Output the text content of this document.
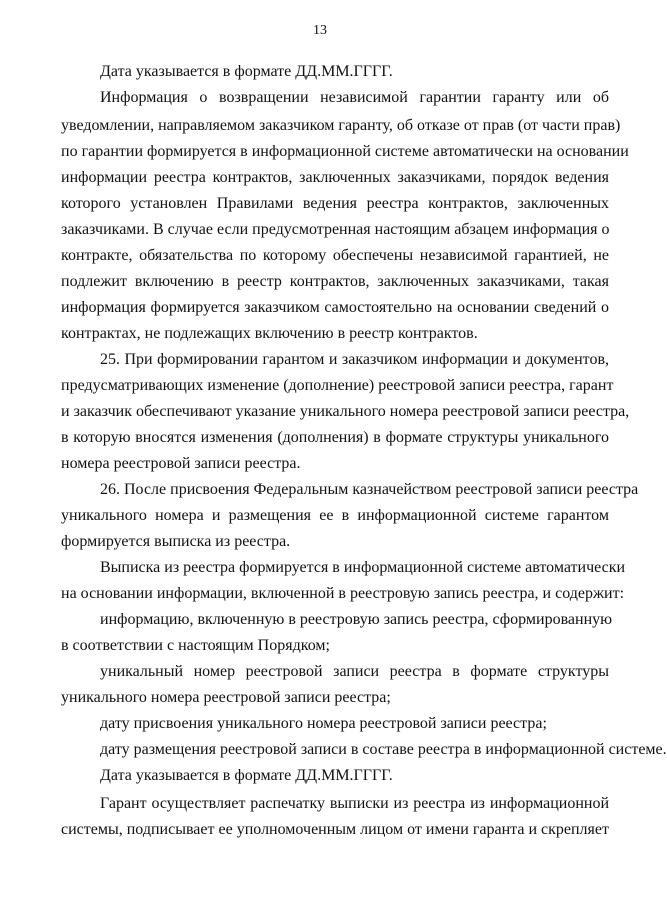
13
Дата указывается в формате ДД.ММ.ГГГГ.
Информация о возвращении независимой гарантии гаранту или об
уведомлении, направляемом заказчиком гаранту, об отказе от прав (от части прав)
по гарантии формируется в информационной системе автоматически на основании
информации реестра контрактов, заключенных заказчиками, порядок ведения
которого установлен Правилами ведения реестра контрактов, заключенных
заказчиками. В случае если предусмотренная настоящим абзацем информация о
контракте, обязательства по которому обеспечены независимой гарантией, не
подлежит включению в реестр контрактов, заключенных заказчиками, такая
информация формируется заказчиком самостоятельно на основании сведений о
контрактах, не подлежащих включению в реестр контрактов.
25. При формировании гарантом и заказчиком информации и документов,
предусматривающих изменение (дополнение) реестровой записи реестра, гарант
и заказчик обеспечивают указание уникального номера реестровой записи реестра,
в которую вносятся изменения (дополнения) в формате структуры уникального
номера реестровой записи реестра.
26. После присвоения Федеральным казначейством реестровой записи реестра
уникального номера и размещения ее в информационной системе гарантом
формируется выписка из реестра.
Выписка из реестра формируется в информационной системе автоматически
на основании информации, включенной в реестровую запись реестра, и содержит:
информацию, включенную в реестровую запись реестра, сформированную
в соответствии с настоящим Порядком;
уникальный номер реестровой записи реестра в формате структуры
уникального номера реестровой записи реестра;
дату присвоения уникального номера реестровой записи реестра;
дату размещения реестровой записи в составе реестра в информационной системе.
Дата указывается в формате ДД.ММ.ГГГГ.
Гарант осуществляет распечатку выписки из реестра из информационной
системы, подписывает ее уполномоченным лицом от имени гаранта и скрепляет
